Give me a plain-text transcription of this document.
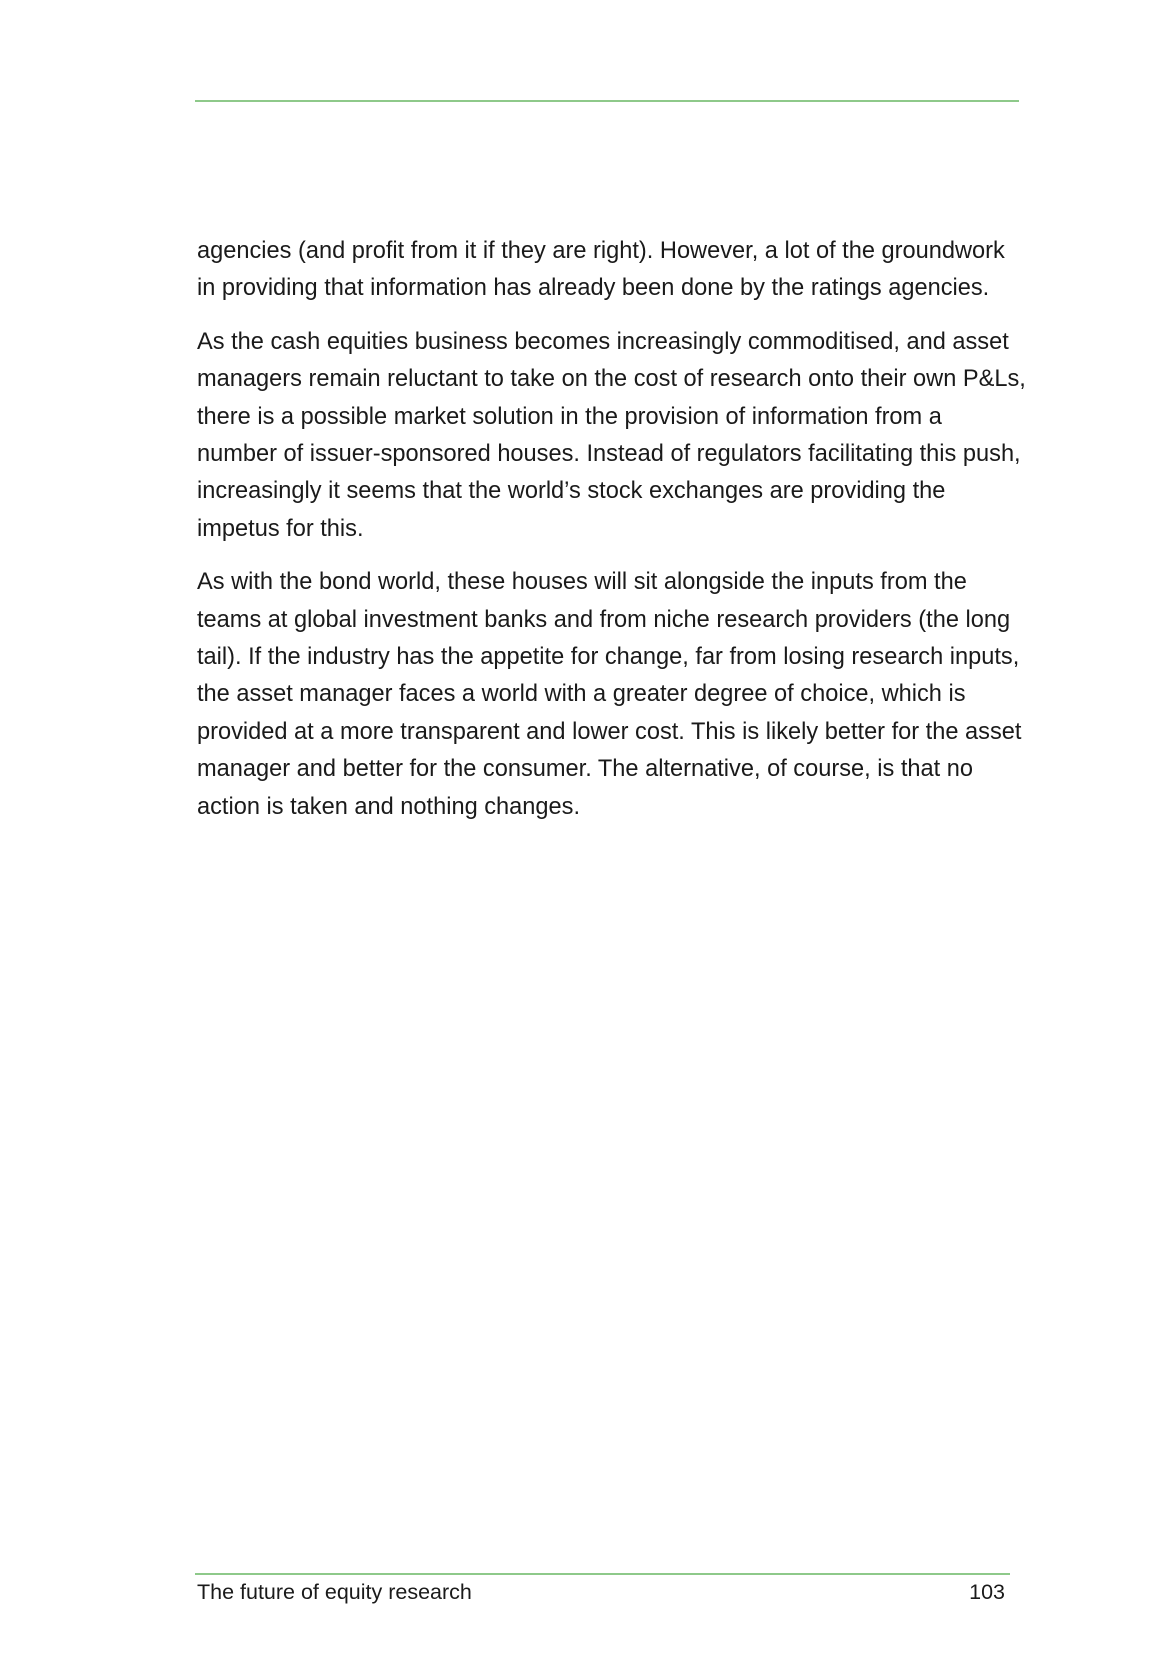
agencies (and profit from it if they are right). However, a lot of the groundwork in providing that information has already been done by the ratings agencies.

As the cash equities business becomes increasingly commoditised, and asset managers remain reluctant to take on the cost of research onto their own P&Ls, there is a possible market solution in the provision of information from a number of issuer-sponsored houses. Instead of regulators facilitating this push, increasingly it seems that the world’s stock exchanges are providing the impetus for this.

As with the bond world, these houses will sit alongside the inputs from the teams at global investment banks and from niche research providers (the long tail). If the industry has the appetite for change, far from losing research inputs, the asset manager faces a world with a greater degree of choice, which is provided at a more transparent and lower cost. This is likely better for the asset manager and better for the consumer. The alternative, of course, is that no action is taken and nothing changes.

The future of equity research	103
